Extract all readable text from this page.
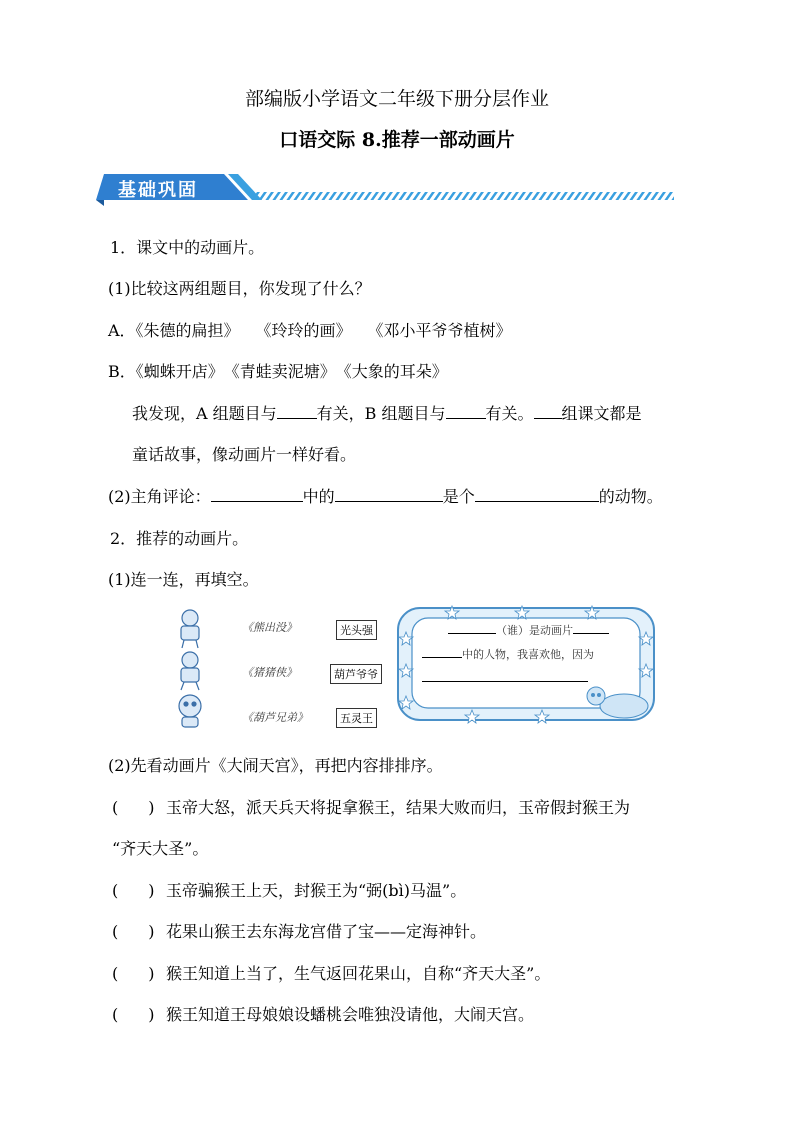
部编版小学语文二年级下册分层作业
口语交际 8.推荐一部动画片
基础巩固
1．课文中的动画片。
(1)比较这两组题目，你发现了什么？
A．《朱德的扁担》　　《玲玲的画》　　《邓小平爷爷植树》
B．《蜘蛛开店》　《青蛙卖泥塘》　《大象的耳朵》
我发现，A 组题目与	有关，B 组题目与	有关。 组课文都是
童话故事，像动画片一样好看。
(2)主角评论：	中的	是个	的动物。
2．推荐的动画片。
(1)连一连，再填空。
《熊出没》
《猪猪侠》
《葫芦兄弟》
光头强
葫芦爷爷
五灵王
（谁）是动画片
中的人物，我喜欢他，因为
(2)先看动画片《大闹天宫》，再把内容排排序。
( ) 玉帝大怒，派天兵天将捉拿猴王，结果大败而归，玉帝假封猴王为
“齐天大圣”。
( ) 玉帝骗猴王上天，封猴王为“弼(bì)马温”。
( ) 花果山猴王去东海龙宫借了宝——定海神针。
( ) 猴王知道上当了，生气返回花果山，自称“齐天大圣”。
( ) 猴王知道王母娘娘设蟠桃会唯独没请他，大闹天宫。
